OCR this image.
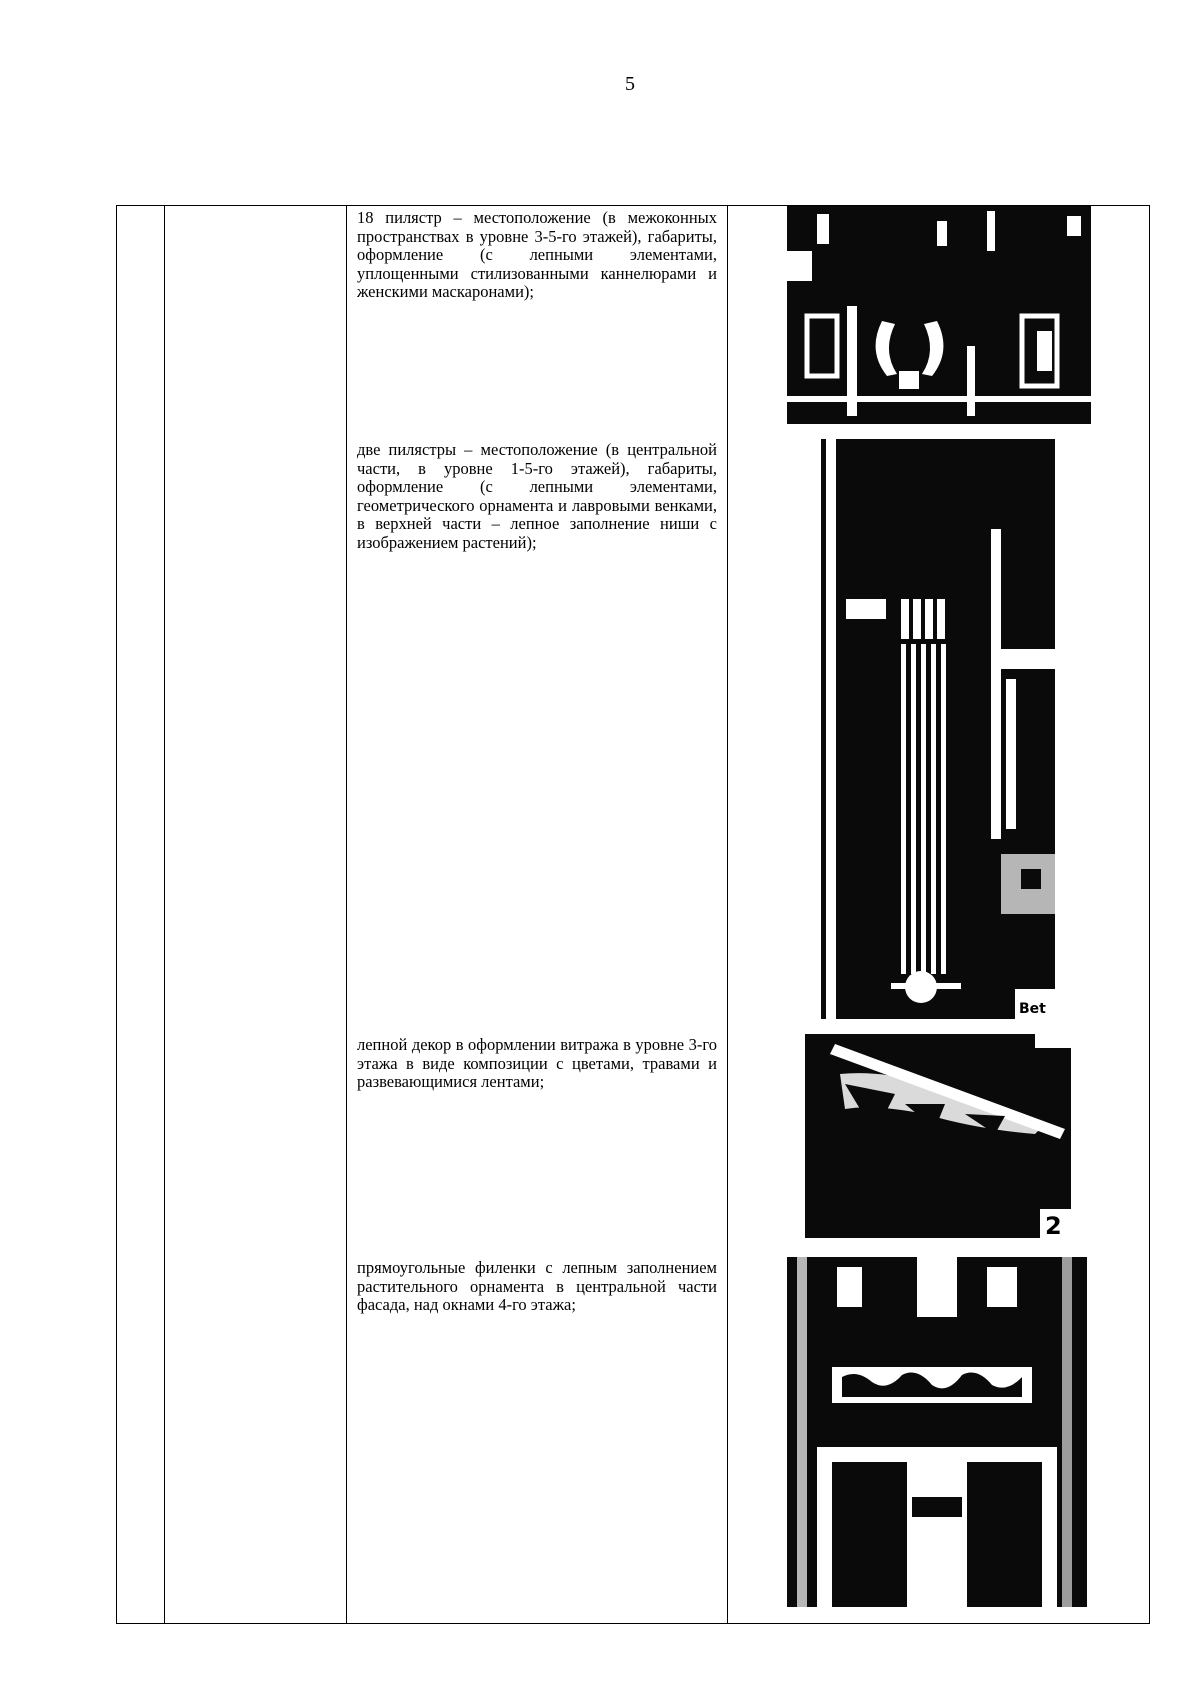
5
18 пилястр – местоположение (в межоконных пространствах в уровне 3-5-го этажей), габариты, оформление (с лепными элементами, уплощенными стилизованными каннелюрами и женскими маскаронами);
две пилястры – местоположение (в центральной части, в уровне 1-5-го этажей), габариты, оформление (с лепными элементами, геометрического орнамента и лавровыми венками, в верхней части – лепное заполнение ниши с изображением растений);
Bet
лепной декор в оформлении витража в уровне 3-го этажа в виде композиции с цветами, травами и развевающимися лентами;
2
прямоугольные филенки с лепным заполнением растительного орнамента в центральной части фасада, над окнами 4-го этажа;
